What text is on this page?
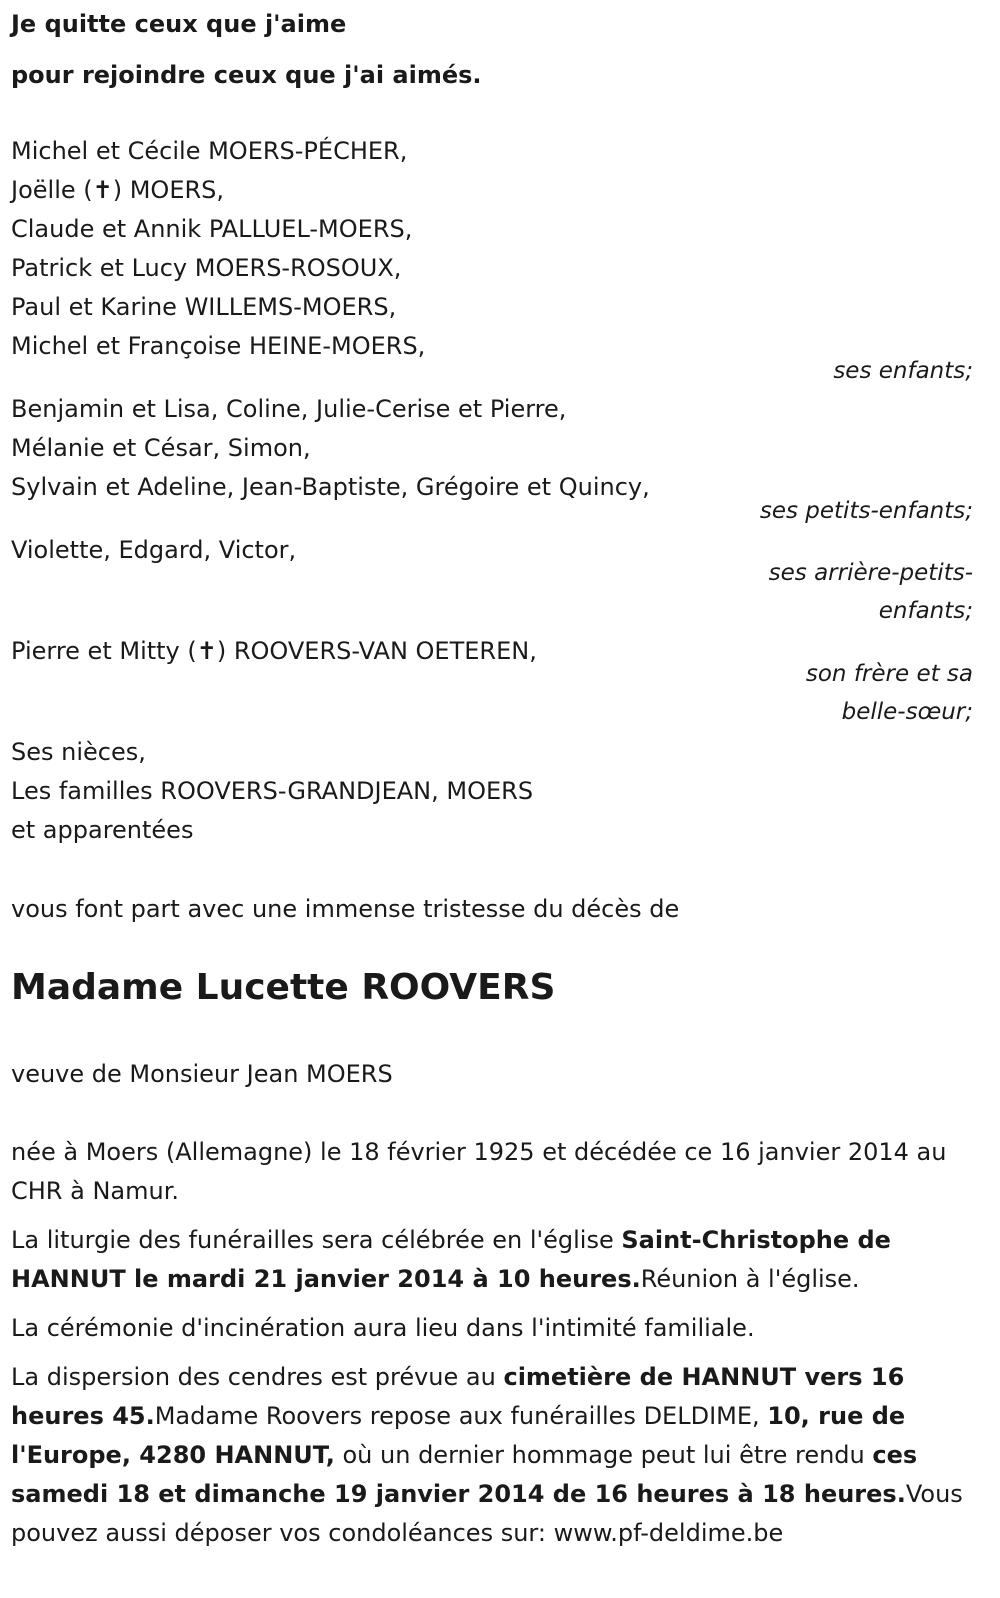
Je quitte ceux que j'aime
pour rejoindre ceux que j'ai aimés.
Michel et Cécile MOERS-PÉCHER,
Joëlle (✝) MOERS,
Claude et Annik PALLUEL-MOERS,
Patrick et Lucy MOERS-ROSOUX,
Paul et Karine WILLEMS-MOERS,
Michel et Françoise HEINE-MOERS,
ses enfants;
Benjamin et Lisa, Coline, Julie-Cerise et Pierre,
Mélanie et César, Simon,
Sylvain et Adeline, Jean-Baptiste, Grégoire et Quincy,
ses petits-enfants;
Violette, Edgard, Victor,
ses arrière-petits-
enfants;
Pierre et Mitty (✝) ROOVERS-VAN OETEREN,
son frère et sa
belle-sœur;
Ses nièces,
Les familles ROOVERS-GRANDJEAN, MOERS
et apparentées
vous font part avec une immense tristesse du décès de
Madame Lucette ROOVERS
veuve de Monsieur Jean MOERS
née à Moers (Allemagne) le 18 février 1925 et décédée ce 16 janvier 2014 au CHR à Namur.
La liturgie des funérailles sera célébrée en l'église Saint-Christophe de HANNUT le mardi 21 janvier 2014 à 10 heures.Réunion à l'église.
La cérémonie d'incinération aura lieu dans l'intimité familiale.
La dispersion des cendres est prévue au cimetière de HANNUT vers 16 heures 45.Madame Roovers repose aux funérailles DELDIME, 10, rue de l'Europe, 4280 HANNUT, où un dernier hommage peut lui être rendu ces samedi 18 et dimanche 19 janvier 2014 de 16 heures à 18 heures.Vous pouvez aussi déposer vos condoléances sur: www.pf-deldime.be
